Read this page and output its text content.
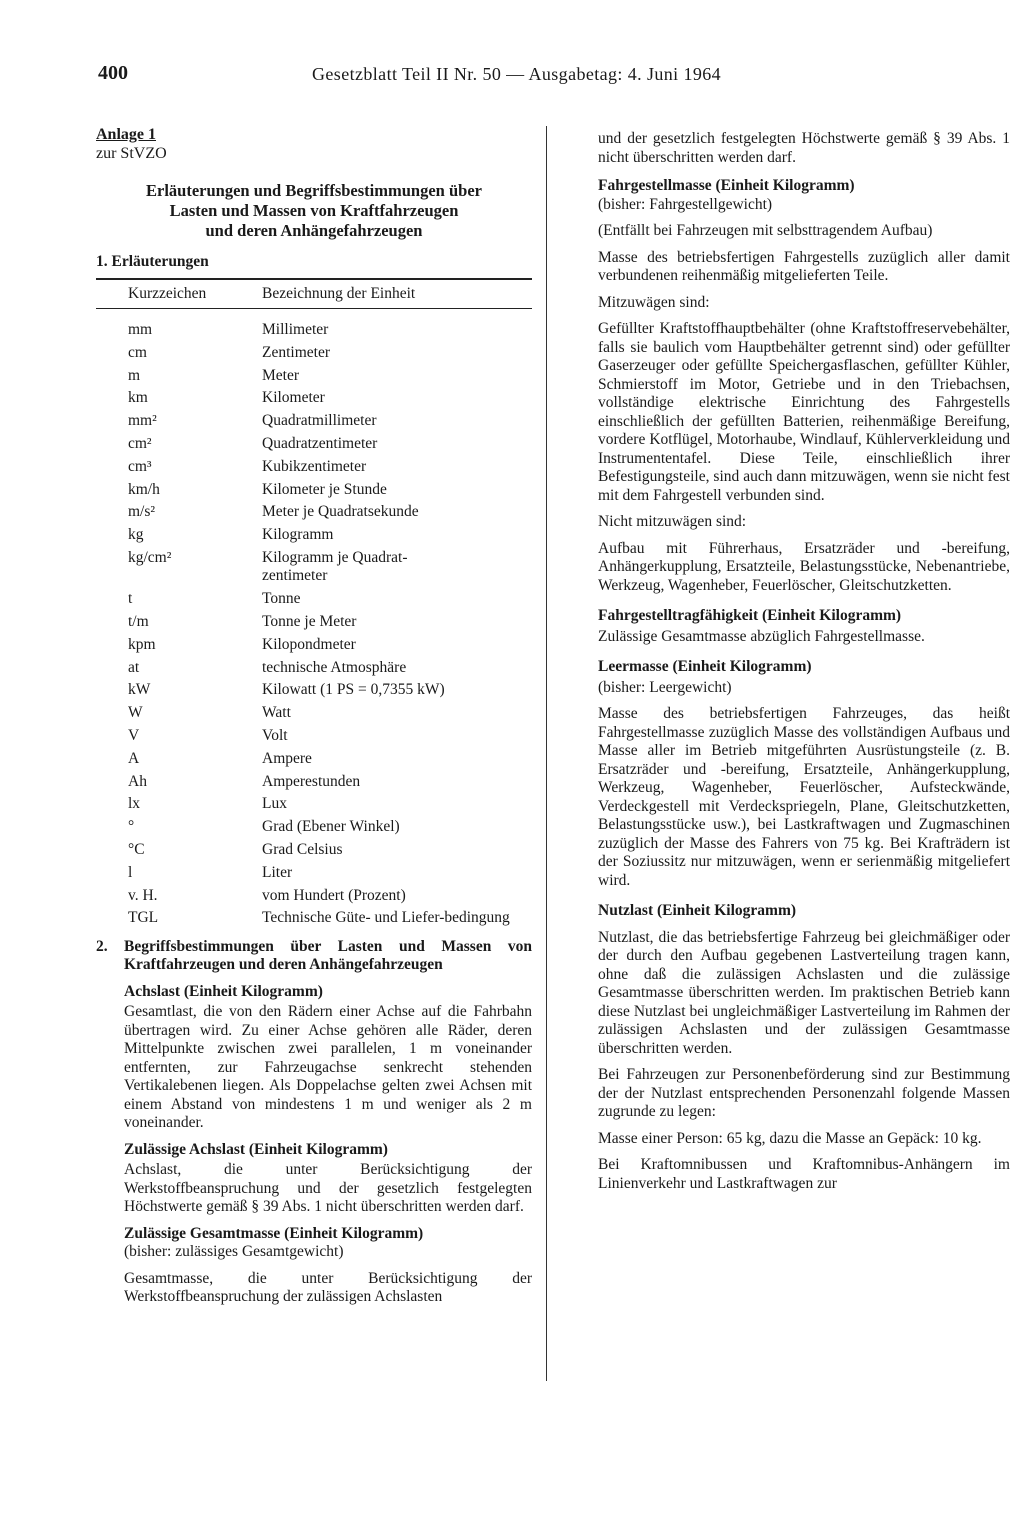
400	Gesetzblatt Teil II Nr. 50 — Ausgabetag: 4. Juni 1964
Anlage 1
zur StVZO
Erläuterungen und Begriffsbestimmungen über
Lasten und Massen von Kraftfahrzeugen
und deren Anhängefahrzeugen
1. Erläuterungen
Kurzzeichen	Bezeichnung der Einheit
mm	Millimeter
cm	Zentimeter
m	Meter
km	Kilometer
mm²	Quadratmillimeter
cm²	Quadratzentimeter
cm³	Kubikzentimeter
km/h	Kilometer je Stunde
m/s²	Meter je Quadratsekunde
kg	Kilogramm
kg/cm²	Kilogramm je Quadrat-zentimeter
t	Tonne
t/m	Tonne je Meter
kpm	Kilopondmeter
at	technische Atmosphäre
kW	Kilowatt (1 PS = 0,7355 kW)
W	Watt
V	Volt
A	Ampere
Ah	Amperestunden
lx	Lux
°	Grad (Ebener Winkel)
°C	Grad Celsius
l	Liter
v. H.	vom Hundert (Prozent)
TGL	Technische Güte- und Liefer-bedingung
2.	Begriffsbestimmungen über Lasten und Massen von Kraftfahrzeugen und deren Anhängefahrzeugen
Achslast (Einheit Kilogramm)

Gesamtlast, die von den Rädern einer Achse auf die Fahrbahn übertragen wird. Zu einer Achse gehören alle Räder, deren Mittelpunkte zwischen zwei parallelen, 1 m voneinander entfernten, zur Fahrzeugachse senkrecht stehenden Vertikalebenen liegen. Als Doppelachse gelten zwei Achsen mit einem Abstand von mindestens 1 m und weniger als 2 m voneinander.

Zulässige Achslast (Einheit Kilogramm)

Achslast, die unter Berücksichtigung der Werkstoffbeanspruchung und der gesetzlich festgelegten Höchstwerte gemäß § 39 Abs. 1 nicht überschritten werden darf.

Zulässige Gesamtmasse (Einheit Kilogramm)
(bisher: zulässiges Gesamtgewicht)

Gesamtmasse, die unter Berücksichtigung der Werkstoffbeanspruchung der zulässigen Achslasten

und der gesetzlich festgelegten Höchstwerte gemäß § 39 Abs. 1 nicht überschritten werden darf.

Fahrgestellmasse (Einheit Kilogramm)
(bisher: Fahrgestellgewicht)

(Entfällt bei Fahrzeugen mit selbsttragendem Aufbau)

Masse des betriebsfertigen Fahrgestells zuzüglich aller damit verbundenen reihenmäßig mitgelieferten Teile.

Mitzuwägen sind:

Gefüllter Kraftstoffhauptbehälter (ohne Kraftstoffreservebehälter, falls sie baulich vom Hauptbehälter getrennt sind) oder gefüllter Gaserzeuger oder gefüllte Speichergasflaschen, gefüllter Kühler, Schmierstoff im Motor, Getriebe und in den Triebachsen, vollständige elektrische Einrichtung des Fahrgestells einschließlich der gefüllten Batterien, reihenmäßige Bereifung, vordere Kotflügel, Motorhaube, Windlauf, Kühlerverkleidung und Instrumententafel. Diese Teile, einschließlich ihrer Befestigungsteile, sind auch dann mitzuwägen, wenn sie nicht fest mit dem Fahrgestell verbunden sind.

Nicht mitzuwägen sind:

Aufbau mit Führerhaus, Ersatzräder und -bereifung, Anhängerkupplung, Ersatzteile, Belastungsstücke, Nebenantriebe, Werkzeug, Wagenheber, Feuerlöscher, Gleitschutzketten.

Fahrgestelltragfähigkeit (Einheit Kilogramm)

Zulässige Gesamtmasse abzüglich Fahrgestellmasse.

Leermasse (Einheit Kilogramm)
(bisher: Leergewicht)

Masse des betriebsfertigen Fahrzeuges, das heißt Fahrgestellmasse zuzüglich Masse des vollständigen Aufbaus und Masse aller im Betrieb mitgeführten Ausrüstungsteile (z. B. Ersatzräder und -bereifung, Ersatzteile, Anhängerkupplung, Werkzeug, Wagenheber, Feuerlöscher, Aufsteckwände, Verdeckgestell mit Verdeckspriegeln, Plane, Gleitschutzketten, Belastungsstücke usw.), bei Lastkraftwagen und Zugmaschinen zuzüglich der Masse des Fahrers von 75 kg. Bei Krafträdern ist der Soziussitz nur mitzuwägen, wenn er serienmäßig mitgeliefert wird.

Nutzlast (Einheit Kilogramm)

Nutzlast, die das betriebsfertige Fahrzeug bei gleichmäßiger oder der durch den Aufbau gegebenen Lastverteilung tragen kann, ohne daß die zulässigen Achslasten und die zulässige Gesamtmasse überschritten werden. Im praktischen Betrieb kann diese Nutzlast bei ungleichmäßiger Lastverteilung im Rahmen der zulässigen Achslasten und der zulässigen Gesamtmasse überschritten werden.

Bei Fahrzeugen zur Personenbeförderung sind zur Bestimmung der der Nutzlast entsprechenden Personenzahl folgende Massen zugrunde zu legen:

Masse einer Person: 65 kg, dazu die Masse an Gepäck: 10 kg.

Bei Kraftomnibussen und Kraftomnibus-Anhängern im Linienverkehr und Lastkraftwagen zur
